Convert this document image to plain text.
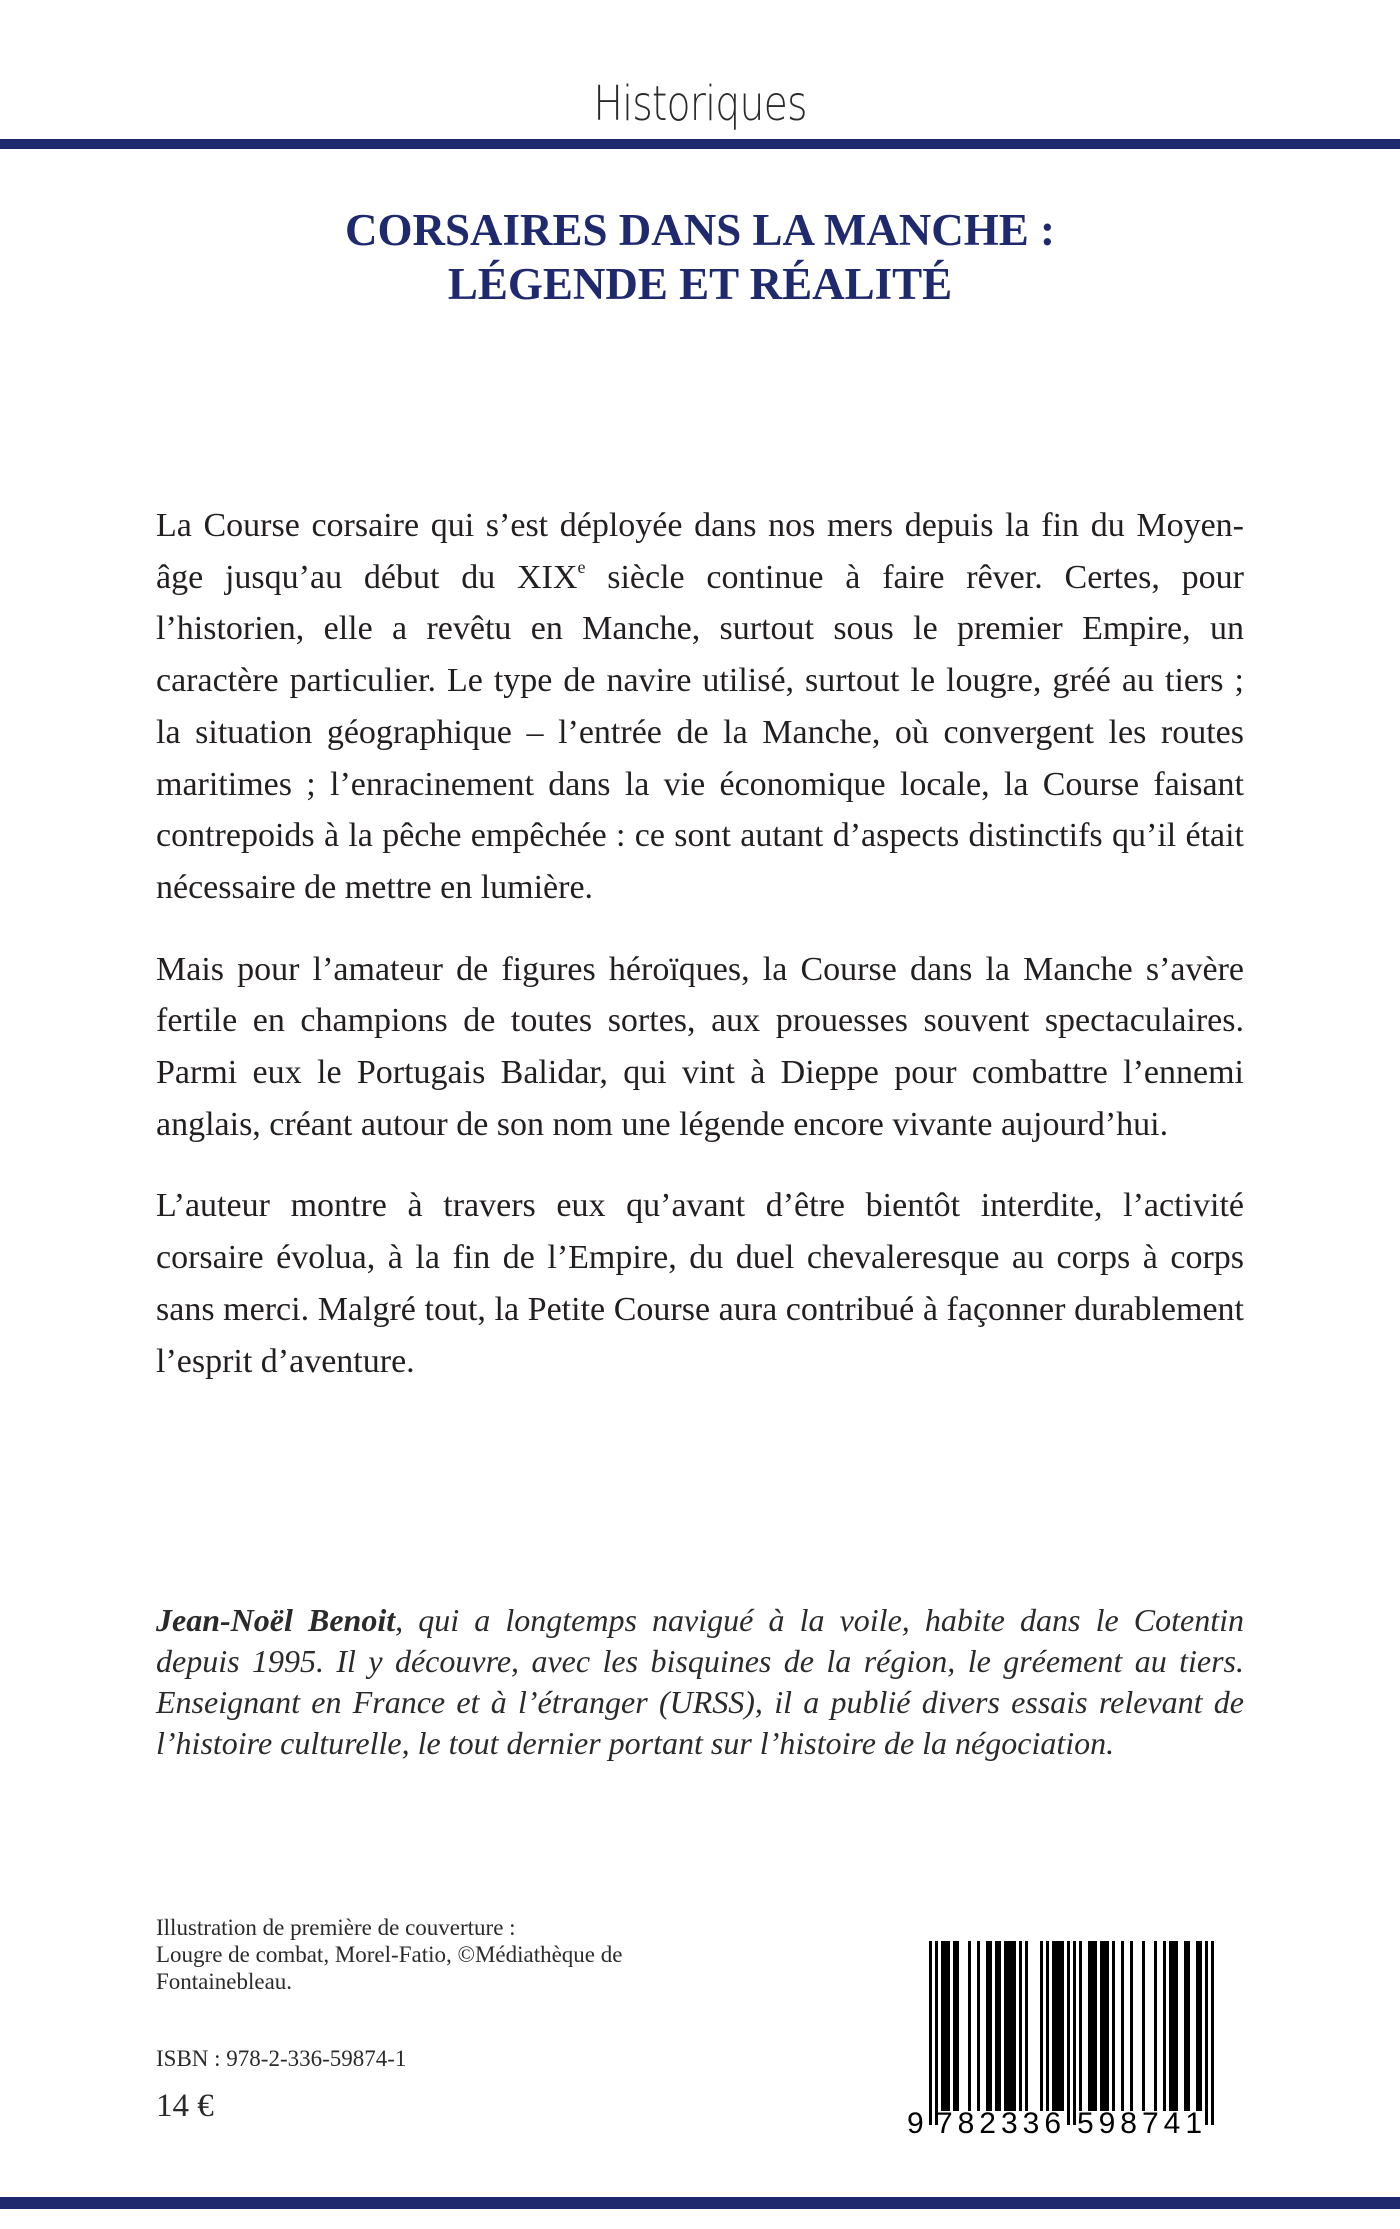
Historiques
CORSAIRES DANS LA MANCHE :
LÉGENDE ET RÉALITÉ

La Course corsaire qui s’est déployée dans nos mers depuis la fin du Moyen-âge jusqu’au début du XIXe siècle continue à faire rêver. Certes, pour l’historien, elle a revêtu en Manche, surtout sous le premier Empire, un caractère particulier. Le type de navire utilisé, surtout le lougre, gréé au tiers ; la situation géographique – l’entrée de la Manche, où convergent les routes maritimes ; l’enracinement dans la vie économique locale, la Course faisant contrepoids à la pêche empêchée : ce sont autant d’aspects distinctifs qu’il était nécessaire de mettre en lumière.

Mais pour l’amateur de figures héroïques, la Course dans la Manche s’avère fertile en champions de toutes sortes, aux prouesses souvent spectaculaires. Parmi eux le Portugais Balidar, qui vint à Dieppe pour combattre l’ennemi anglais, créant autour de son nom une légende encore vivante aujourd’hui.

L’auteur montre à travers eux qu’avant d’être bientôt interdite, l’activité corsaire évolua, à la fin de l’Empire, du duel chevaleresque au corps à corps sans merci. Malgré tout, la Petite Course aura contribué à façonner durablement l’esprit d’aventure.

Jean-Noël Benoit, qui a longtemps navigué à la voile, habite dans le Cotentin depuis 1995. Il y découvre, avec les bisquines de la région, le gréement au tiers. Enseignant en France et à l’étranger (URSS), il a publié divers essais relevant de l’histoire culturelle, le tout dernier portant sur l’histoire de la négociation.
Illustration de première de couverture :
Lougre de combat, Morel-Fatio, ©Médiathèque de
Fontainebleau.
ISBN : 978-2-336-59874-1
14 €	9 782336 598741
